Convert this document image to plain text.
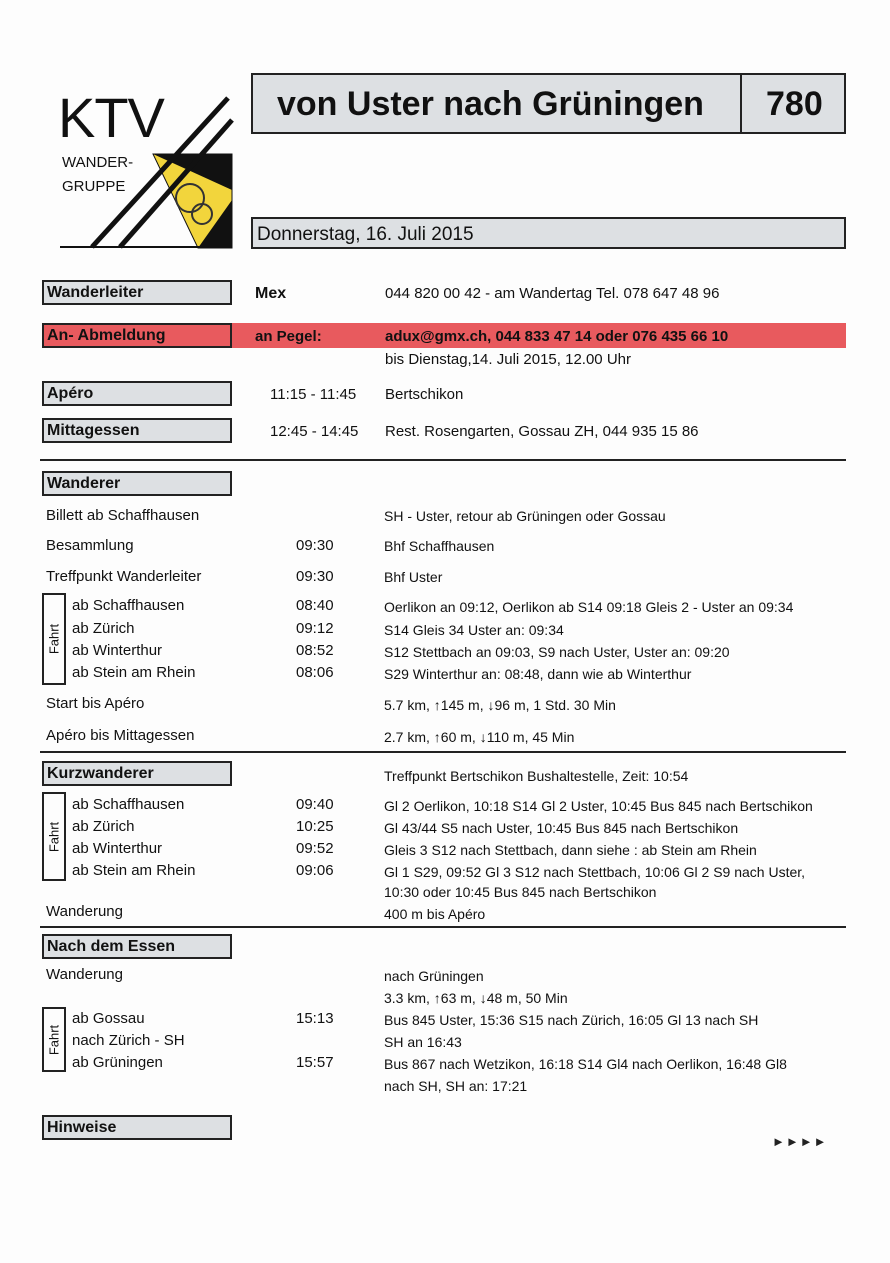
KTV
WANDER-
GRUPPE
von Uster nach Grüningen 780
Donnerstag, 16. Juli 2015
Wanderleiter	Mex	044 820 00 42 - am Wandertag Tel. 078 647 48 96
An- Abmeldung	an Pegel:	adux@gmx.ch, 044 833 47 14 oder 076 435 66 10
bis Dienstag,14. Juli 2015, 12.00 Uhr
Apéro	11:15 - 11:45 Bertschikon
Mittagessen	12:45 - 14:45 Rest. Rosengarten, Gossau ZH, 044 935 15 86
Wanderer
Billett ab Schaffhausen	SH - Uster, retour ab Grüningen oder Gossau
Besammlung	09:30	Bhf Schaffhausen
Treffpunkt Wanderleiter	09:30	Bhf Uster
Fahrt
ab Schaffhausen	08:40	Oerlikon an 09:12, Oerlikon ab S14 09:18 Gleis 2 - Uster an 09:34
ab Zürich	09:12	S14 Gleis 34 Uster an: 09:34
ab Winterthur	08:52	S12 Stettbach an 09:03, S9 nach Uster, Uster an: 09:20
ab Stein am Rhein	08:06	S29 Winterthur an: 08:48, dann wie ab Winterthur
Start bis Apéro	5.7 km, ↑145 m, ↓96 m, 1 Std. 30 Min
Apéro bis Mittagessen	2.7 km, ↑60 m, ↓110 m, 45 Min
Kurzwanderer	Treffpunkt Bertschikon Bushaltestelle, Zeit: 10:54
Fahrt
ab Schaffhausen	09:40	Gl 2 Oerlikon, 10:18 S14 Gl 2 Uster, 10:45 Bus 845 nach Bertschikon
ab Zürich	10:25	Gl 43/44 S5 nach Uster, 10:45 Bus 845 nach Bertschikon
ab Winterthur	09:52	Gleis 3 S12 nach Stettbach, dann siehe : ab Stein am Rhein
ab Stein am Rhein	09:06	Gl 1 S29, 09:52 Gl 3 S12 nach Stettbach, 10:06 Gl 2 S9 nach Uster,
10:30 oder 10:45 Bus 845 nach Bertschikon
Wanderung	400 m bis Apéro
Nach dem Essen
Wanderung	nach Grüningen
3.3 km, ↑63 m, ↓48 m, 50 Min
Fahrt
ab Gossau	15:13	Bus 845 Uster, 15:36 S15 nach Zürich, 16:05 Gl 13 nach SH
nach Zürich - SH	SH an 16:43
ab Grüningen	15:57	Bus 867 nach Wetzikon, 16:18 S14 Gl4 nach Oerlikon, 16:48 Gl8
nach SH, SH an: 17:21
Hinweise
►►►►
